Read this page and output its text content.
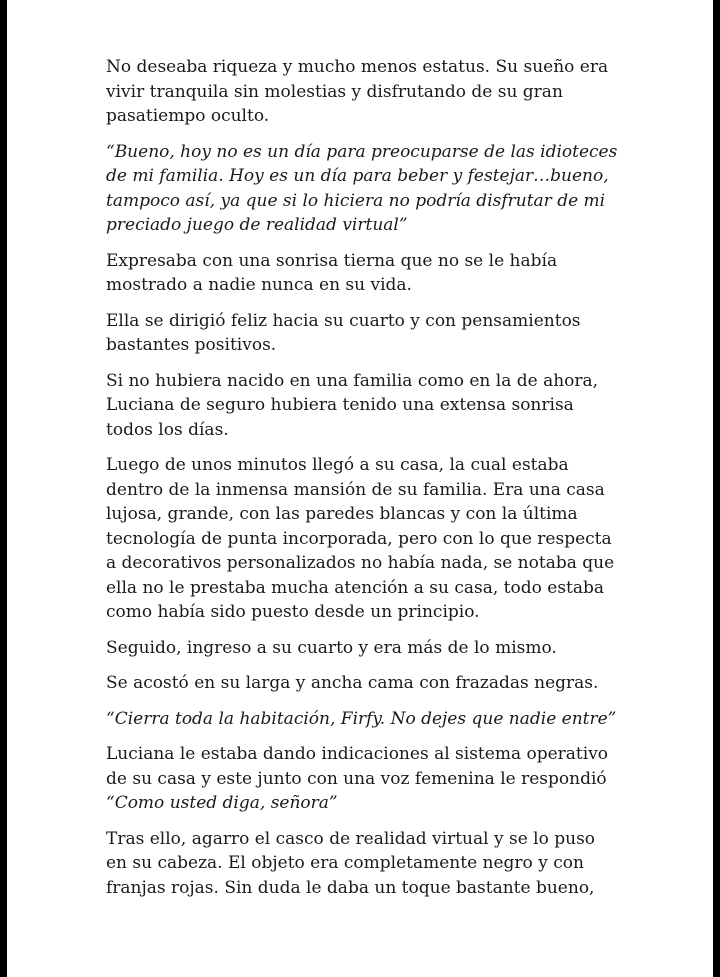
No deseaba riqueza y mucho menos estatus. Su sueño era vivir tranquila sin molestias y disfrutando de su gran pasatiempo oculto.

“Bueno, hoy no es un día para preocuparse de las idioteces de mi familia. Hoy es un día para beber y festejar…bueno, tampoco así, ya que si lo hiciera no podría disfrutar de mi preciado juego de realidad virtual”

Expresaba con una sonrisa tierna que no se le había mostrado a nadie nunca en su vida.

Ella se dirigió feliz hacia su cuarto y con pensamientos bastantes positivos.

Si no hubiera nacido en una familia como en la de ahora, Luciana de seguro hubiera tenido una extensa sonrisa todos los días.

Luego de unos minutos llegó a su casa, la cual estaba dentro de la inmensa mansión de su familia. Era una casa lujosa, grande, con las paredes blancas y con la última tecnología de punta incorporada, pero con lo que respecta a decorativos personalizados no había nada, se notaba que ella no le prestaba mucha atención a su casa, todo estaba como había sido puesto desde un principio.

Seguido, ingreso a su cuarto y era más de lo mismo.

Se acostó en su larga y ancha cama con frazadas negras.

“Cierra toda la habitación, Firfy. No dejes que nadie entre”

Luciana le estaba dando indicaciones al sistema operativo de su casa y este junto con una voz femenina le respondió
“Como usted diga, señora”

Tras ello, agarro el casco de realidad virtual y se lo puso en su cabeza. El objeto era completamente negro y con franjas rojas. Sin duda le daba un toque bastante bueno,
